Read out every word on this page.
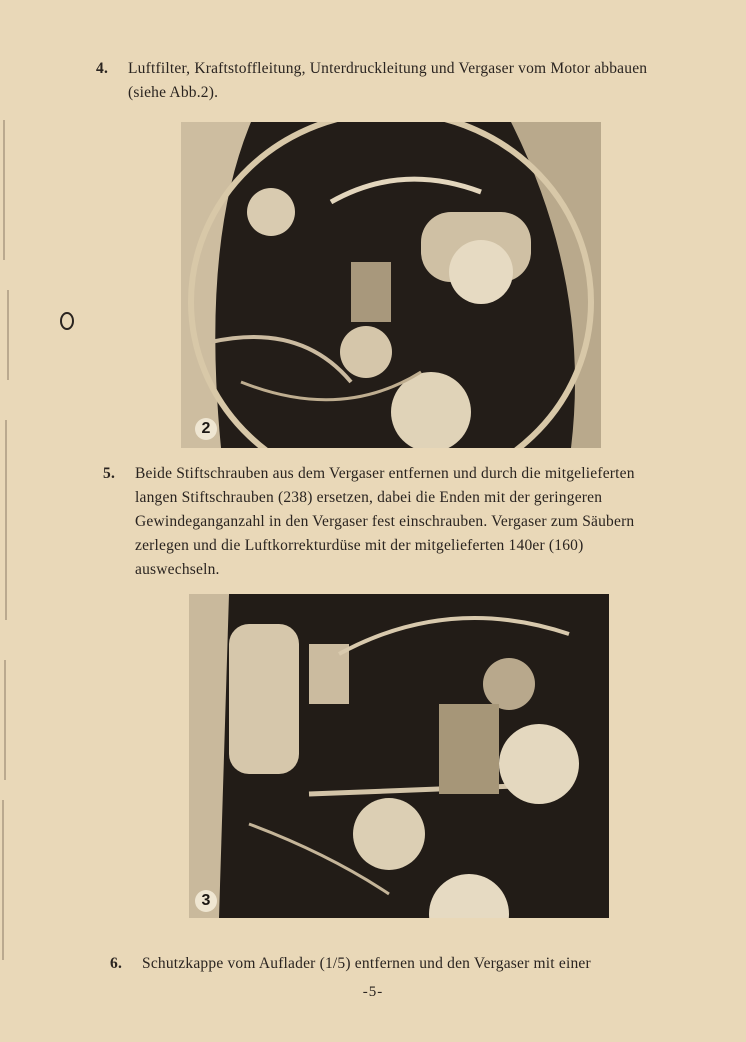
4. Luftfilter, Kraftstoffleitung, Unterdruckleitung und Vergaser vom Motor abbauen (siehe Abb.2).
2
5. Beide Stiftschrauben aus dem Vergaser entfernen und durch die mitgelieferten langen Stiftschrauben (238) ersetzen, dabei die Enden mit der geringeren Gewindeganganzahl in den Vergaser fest einschrauben. Vergaser zum Säubern zerlegen und die Luftkorrekturdüse mit der mitgelieferten 140er (160) auswechseln.
3
6. Schutzkappe vom Auflader (1/5) entfernen und den Vergaser mit einer
-5-
